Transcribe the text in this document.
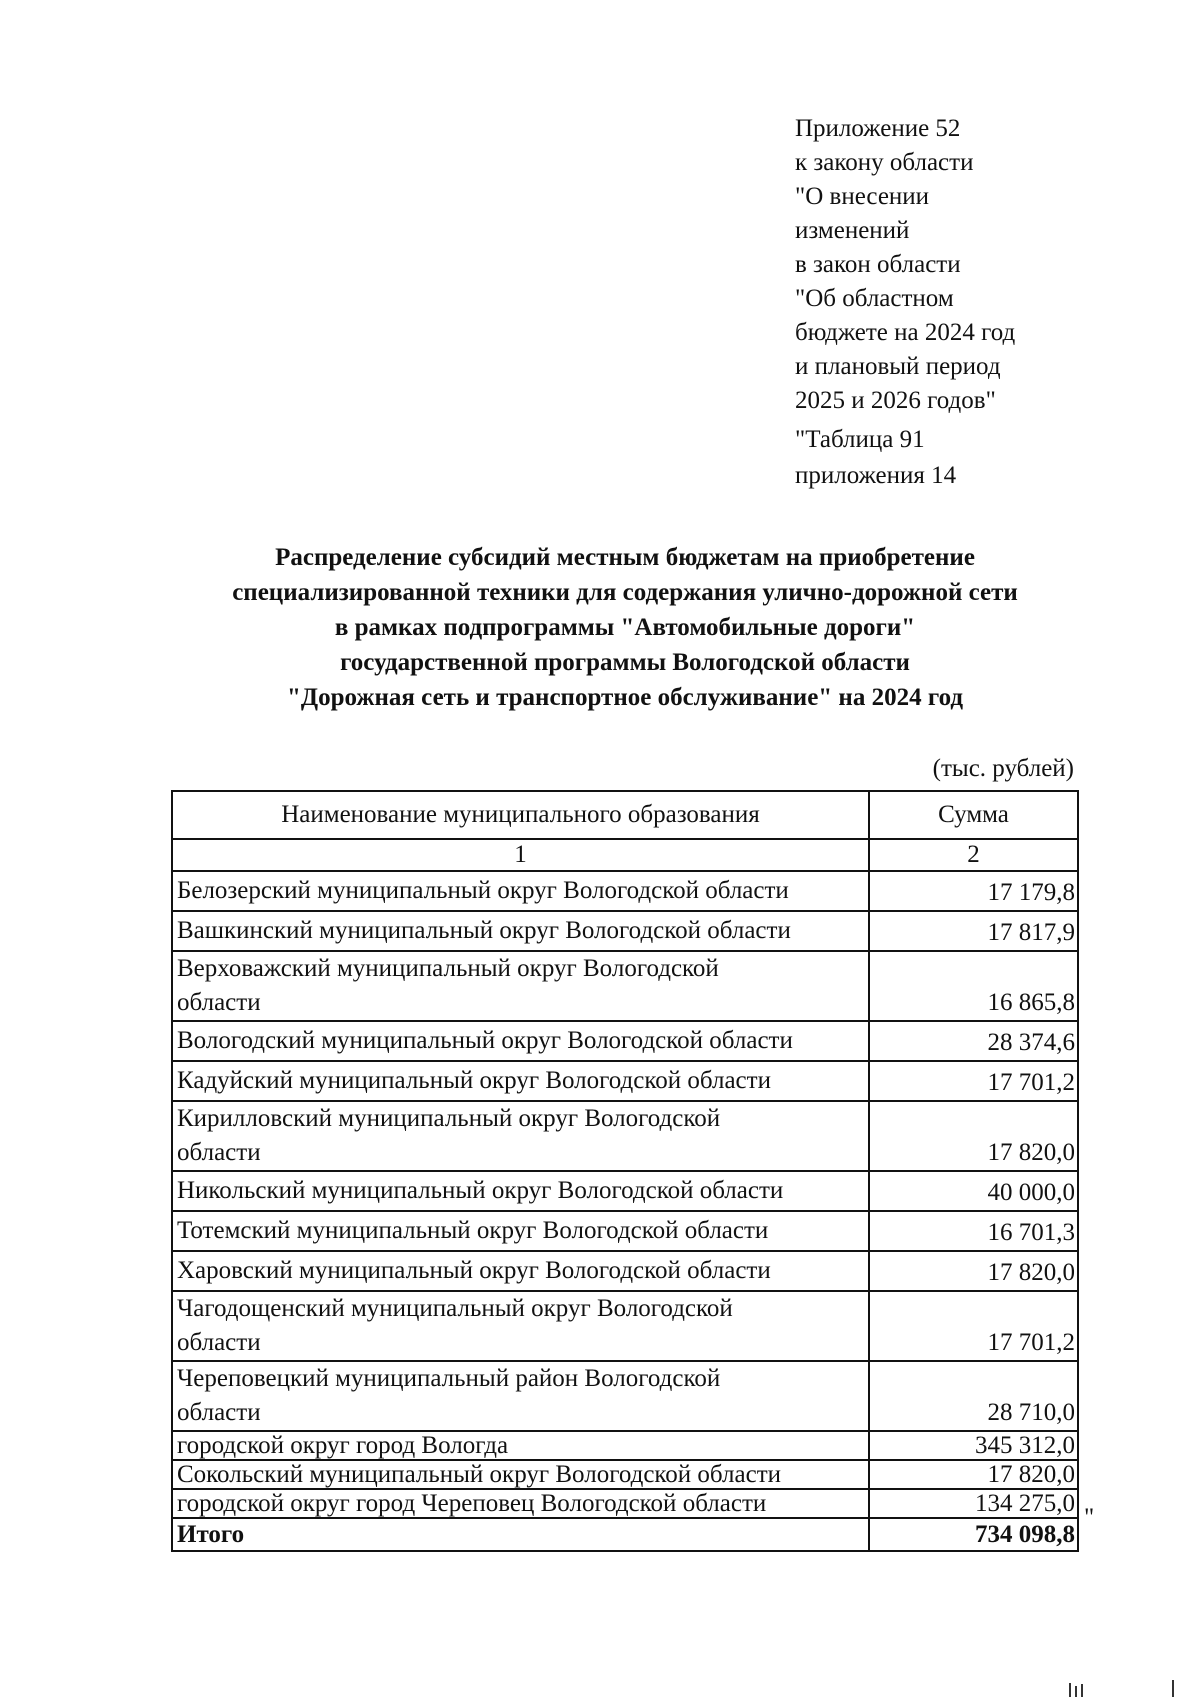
Приложение 52
к закону области
"О внесении
изменений
в закон области
"Об областном
бюджете на 2024 год
и плановый период
2025 и 2026 годов"
"Таблица 91
приложения 14
Распределение субсидий местным бюджетам на приобретение
специализированной техники для содержания улично-дорожной сети
в рамках подпрограммы "Автомобильные дороги"
государственной программы Вологодской области
"Дорожная сеть и транспортное обслуживание" на 2024 год
(тыс. рублей)
Наименование муниципального образования	Сумма
1	2

Белозерский муниципальный округ Вологодской области	17 179,8

Вашкинский муниципальный округ Вологодской области	17 817,9

Верховажский муниципальный округ Вологодской
области	16 865,8

Вологодский муниципальный округ Вологодской области	28 374,6

Кадуйский муниципальный округ Вологодской области	17 701,2

Кирилловский муниципальный округ Вологодской
области	17 820,0

Никольский муниципальный округ Вологодской области	40 000,0

Тотемский муниципальный округ Вологодской области	16 701,3

Харовский муниципальный округ Вологодской области	17 820,0

Чагодощенский муниципальный округ Вологодской
области	17 701,2

Череповецкий муниципальный район Вологодской
области	28 710,0

городской округ город Вологда	345 312,0

Сокольский муниципальный округ Вологодской области	17 820,0

городской округ город Череповец Вологодской области	134 275,0
Итого	734 098,8
"
